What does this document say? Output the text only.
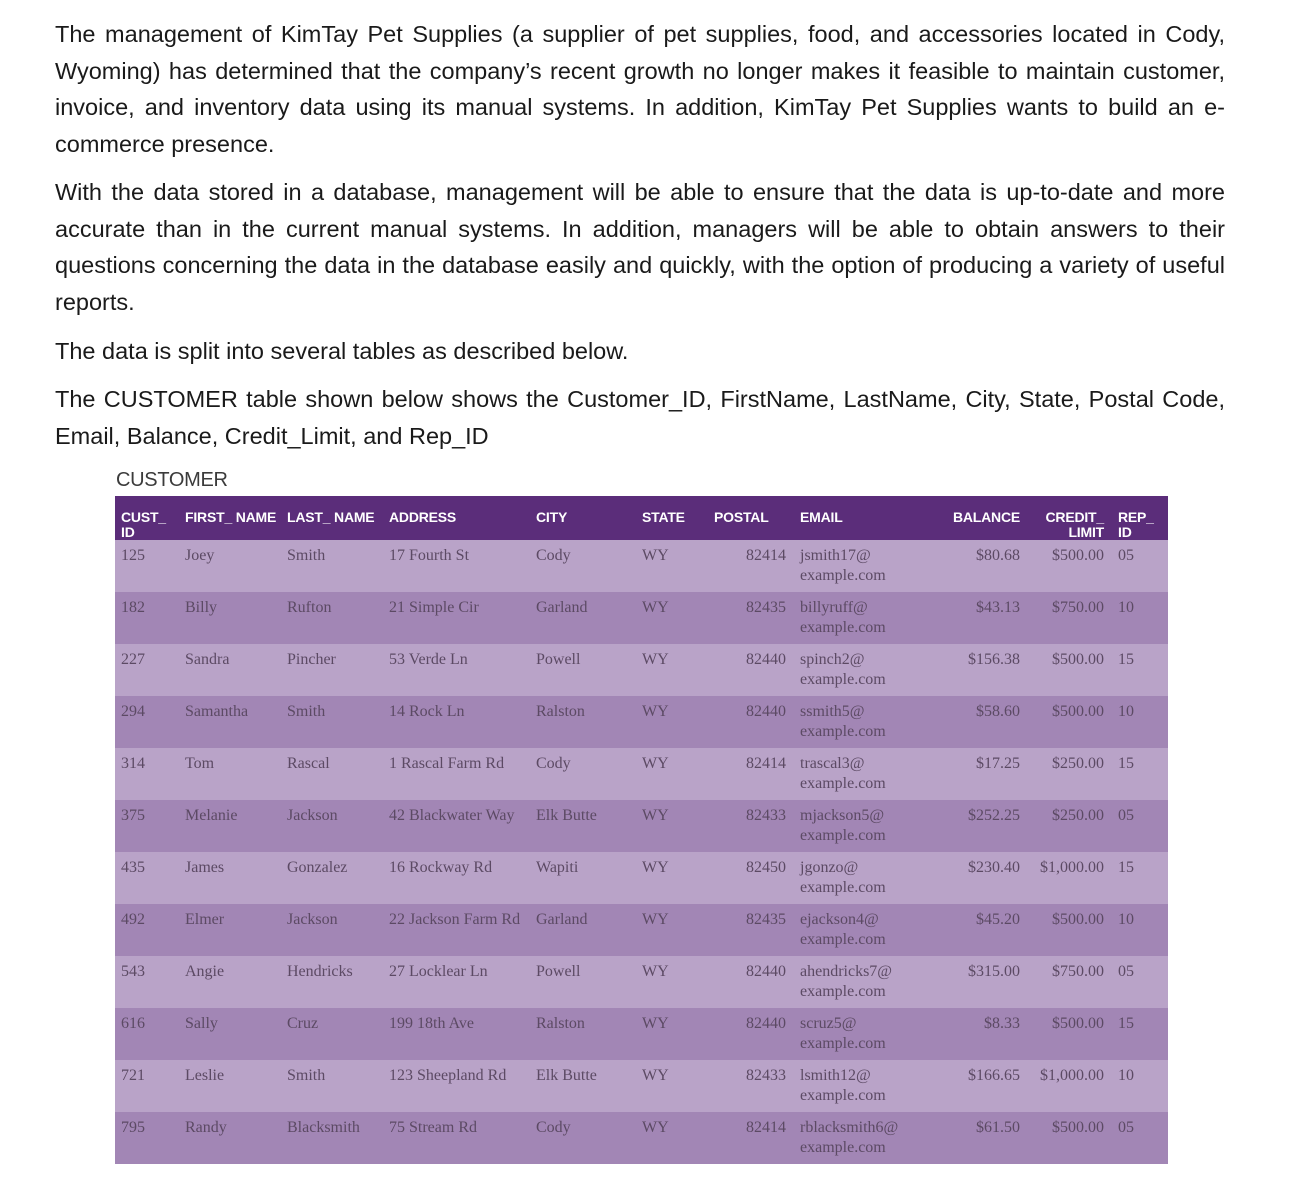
The management of KimTay Pet Supplies (a supplier of pet supplies, food, and accessories located in Cody, Wyoming) has determined that the company’s recent growth no longer makes it feasible to maintain customer, invoice, and inventory data using its manual systems. In addition, KimTay Pet Supplies wants to build an e-commerce presence.

With the data stored in a database, management will be able to ensure that the data is up-to-date and more accurate than in the current manual systems. In addition, managers will be able to obtain answers to their questions concerning the data in the database easily and quickly, with the option of producing a variety of useful reports.

The data is split into several tables as described below.

The CUSTOMER table shown below shows the Customer_ID, FirstName, LastName, City, State, Postal Code, Email, Balance, Credit_Limit, and Rep_ID

CUSTOMER
CUST_ ID	FIRST_ NAME	LAST_ NAME	ADDRESS	CITY	STATE	POSTAL	EMAIL	BALANCE	CREDIT_ LIMIT	REP_ ID
125	Joey	Smith	17 Fourth St	Cody	WY	82414	jsmith17@ example.com	$80.68	$500.00	05
182	Billy	Rufton	21 Simple Cir	Garland	WY	82435	billyruff@ example.com	$43.13	$750.00	10
227	Sandra	Pincher	53 Verde Ln	Powell	WY	82440	spinch2@ example.com	$156.38	$500.00	15
294	Samantha	Smith	14 Rock Ln	Ralston	WY	82440	ssmith5@ example.com	$58.60	$500.00	10
314	Tom	Rascal	1 Rascal Farm Rd	Cody	WY	82414	trascal3@ example.com	$17.25	$250.00	15
375	Melanie	Jackson	42 Blackwater Way	Elk Butte	WY	82433	mjackson5@ example.com	$252.25	$250.00	05
435	James	Gonzalez	16 Rockway Rd	Wapiti	WY	82450	jgonzo@ example.com	$230.40	$1,000.00	15
492	Elmer	Jackson	22 Jackson Farm Rd	Garland	WY	82435	ejackson4@ example.com	$45.20	$500.00	10
543	Angie	Hendricks	27 Locklear Ln	Powell	WY	82440	ahendricks7@ example.com	$315.00	$750.00	05
616	Sally	Cruz	199 18th Ave	Ralston	WY	82440	scruz5@ example.com	$8.33	$500.00	15
721	Leslie	Smith	123 Sheepland Rd	Elk Butte	WY	82433	lsmith12@ example.com	$166.65	$1,000.00	10
795	Randy	Blacksmith	75 Stream Rd	Cody	WY	82414	rblacksmith6@ example.com	$61.50	$500.00	05
